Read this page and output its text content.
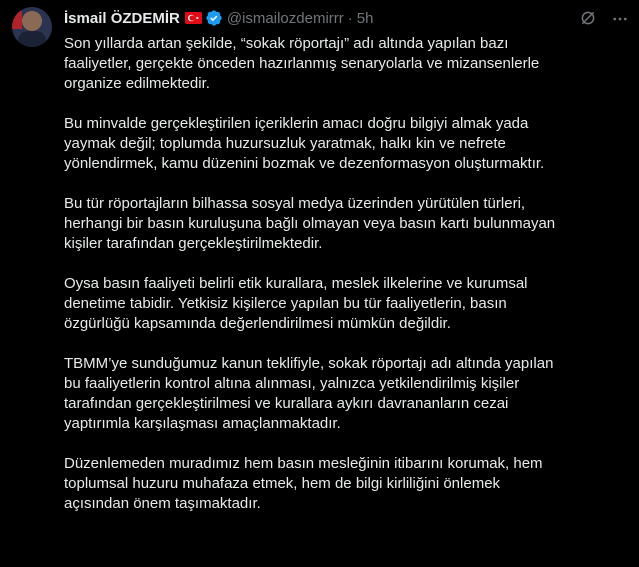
İsmail ÖZDEMİR	@ismailozdemirrr · 5h

Son yıllarda artan şekilde, “sokak röportajı” adı altında yapılan bazı
faaliyetler, gerçekte önceden hazırlanmış senaryolarla ve mizansenlerle
organize edilmektedir.

Bu minvalde gerçekleştirilen içeriklerin amacı doğru bilgiyi almak yada
yaymak değil; toplumda huzursuzluk yaratmak, halkı kin ve nefrete
yönlendirmek, kamu düzenini bozmak ve dezenformasyon oluşturmaktır.

Bu tür röportajların bilhassa sosyal medya üzerinden yürütülen türleri,
herhangi bir basın kuruluşuna bağlı olmayan veya basın kartı bulunmayan
kişiler tarafından gerçekleştirilmektedir.

Oysa basın faaliyeti belirli etik kurallara, meslek ilkelerine ve kurumsal
denetime tabidir. Yetkisiz kişilerce yapılan bu tür faaliyetlerin, basın
özgürlüğü kapsamında değerlendirilmesi mümkün değildir.

TBMM’ye sunduğumuz kanun teklifiyle, sokak röportajı adı altında yapılan
bu faaliyetlerin kontrol altına alınması, yalnızca yetkilendirilmiş kişiler
tarafından gerçekleştirilmesi ve kurallara aykırı davrananların cezai
yaptırımla karşılaşması amaçlanmaktadır.

Düzenlemeden muradımız hem basın mesleğinin itibarını korumak, hem
toplumsal huzuru muhafaza etmek, hem de bilgi kirliliğini önlemek
açısından önem taşımaktadır.
